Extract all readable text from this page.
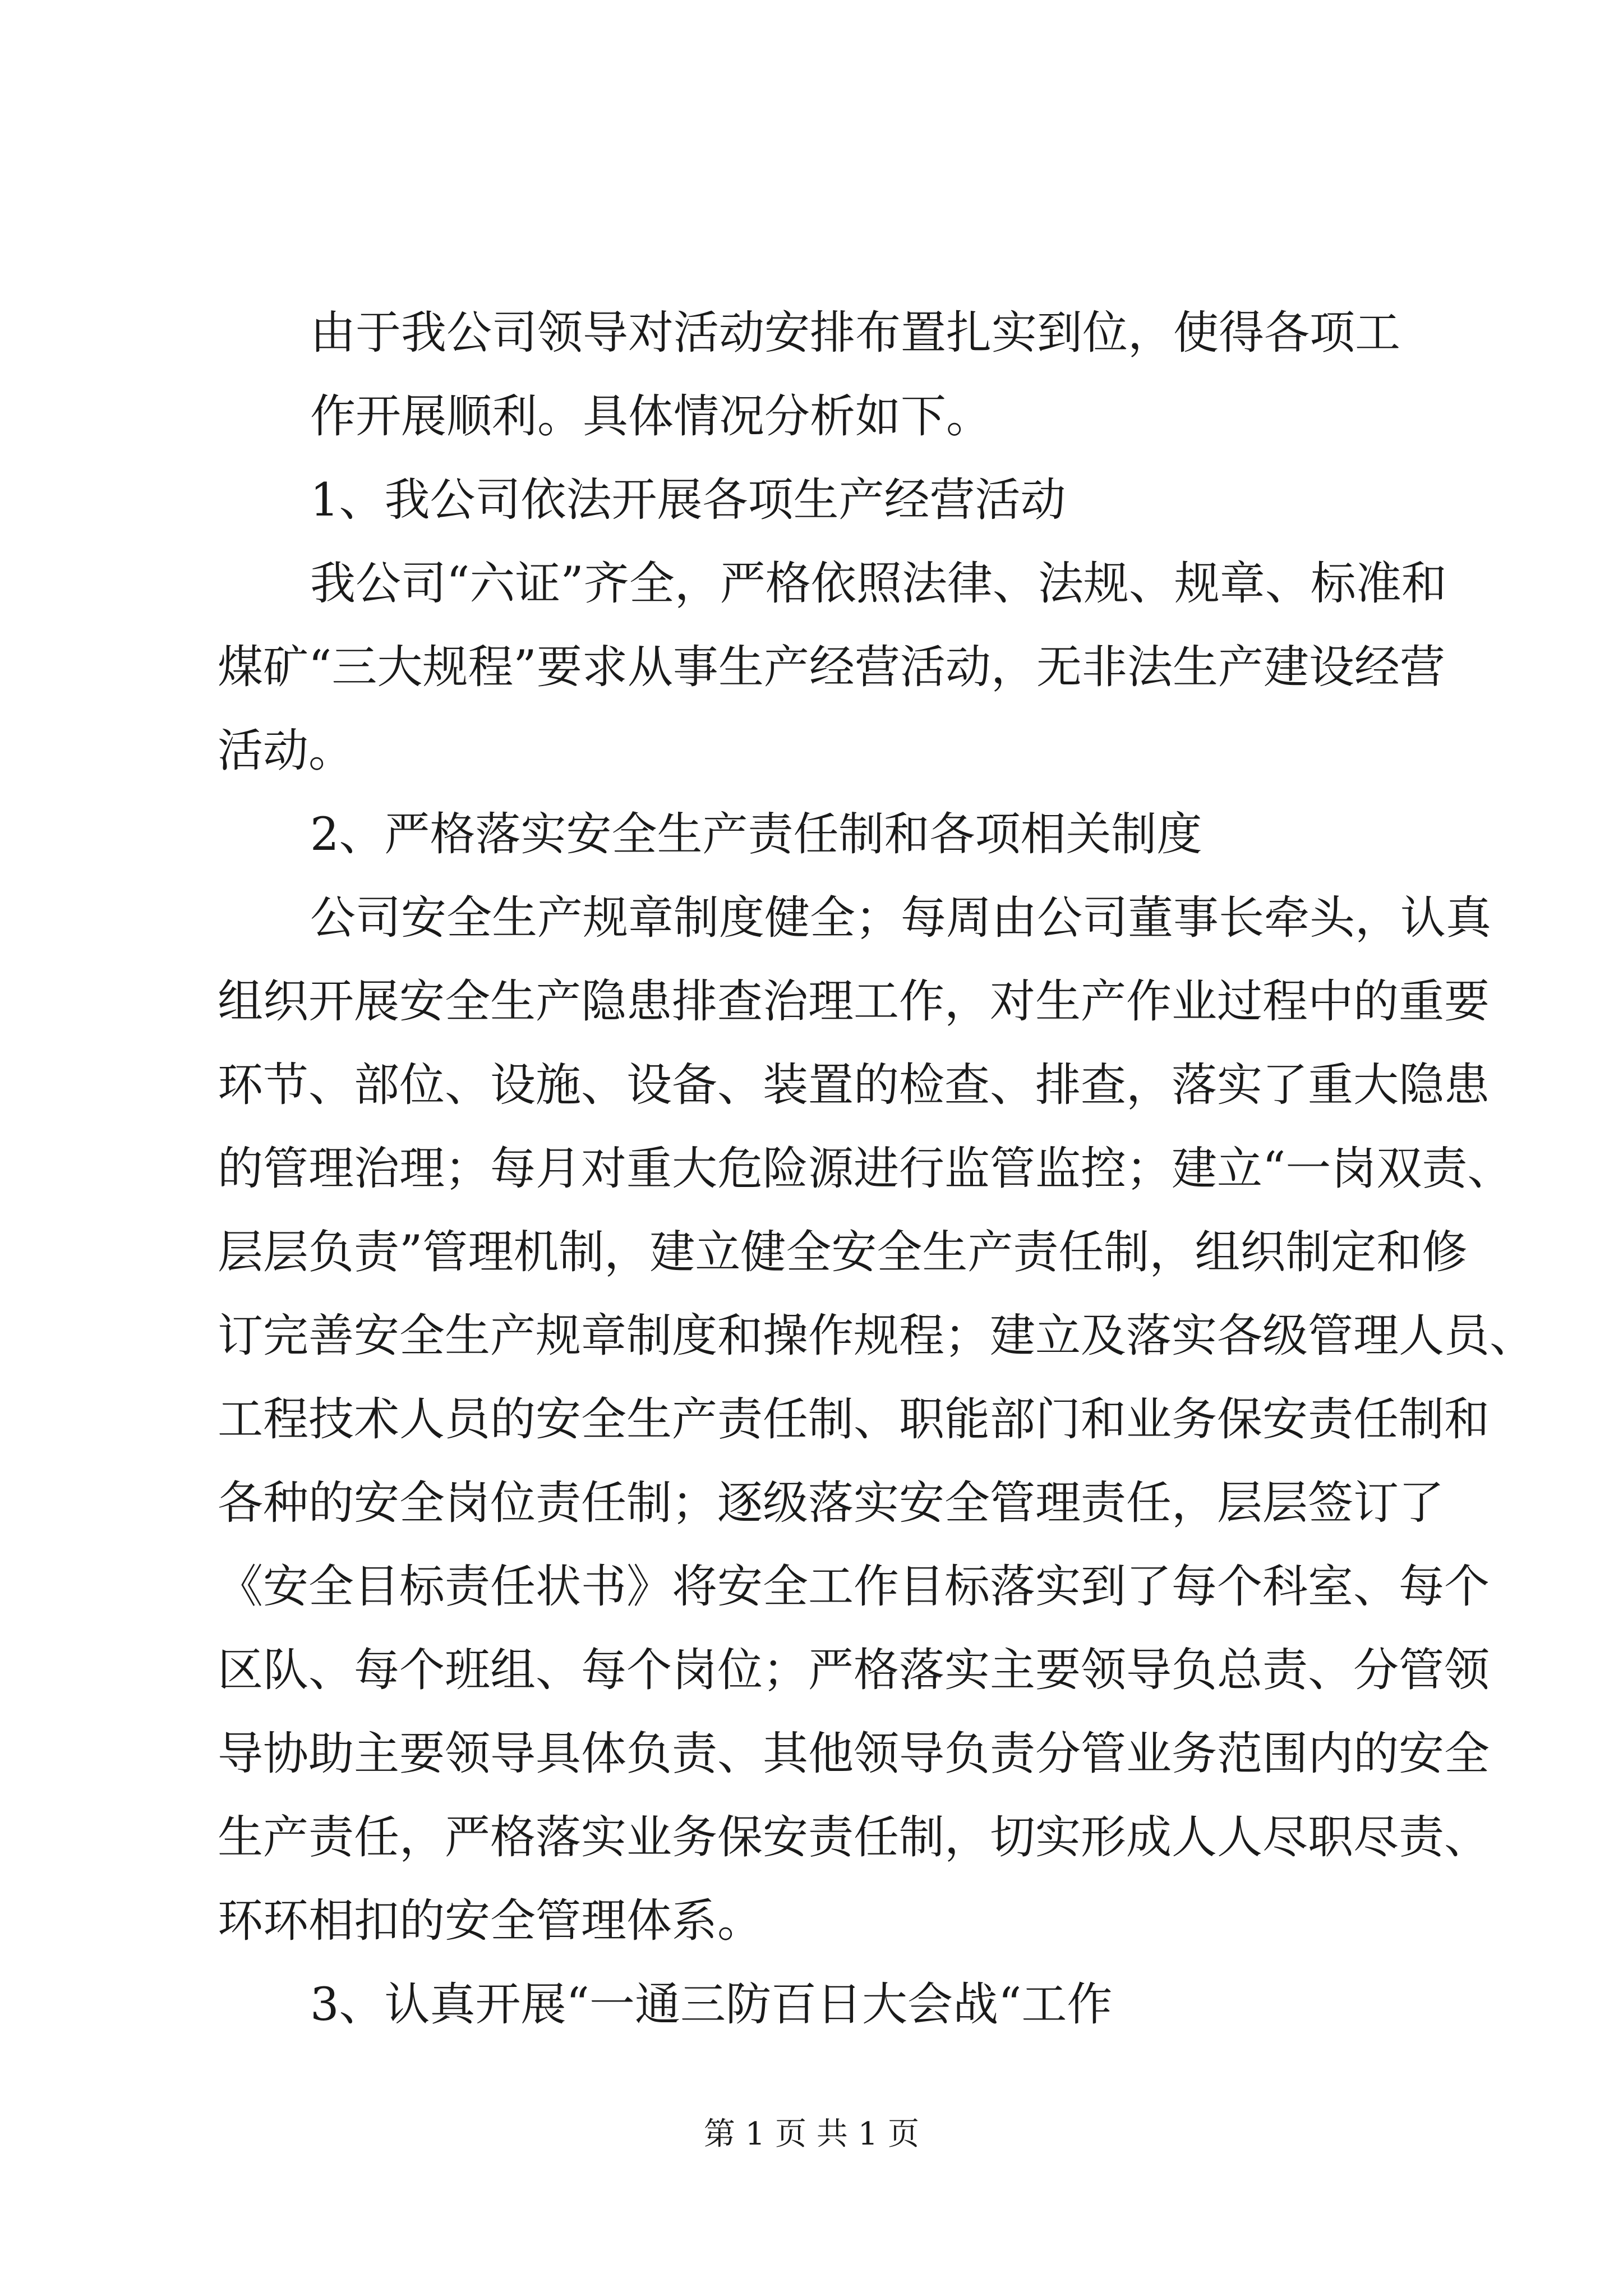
由于我公司领导对活动安排布置扎实到位，使得各项工
作开展顺利。具体情况分析如下。
1、我公司依法开展各项生产经营活动
我公司“六证”齐全，严格依照法律、法规、规章、标准和
煤矿“三大规程”要求从事生产经营活动，无非法生产建设经营
活动。
2、严格落实安全生产责任制和各项相关制度
公司安全生产规章制度健全；每周由公司董事长牵头，认真
组织开展安全生产隐患排查治理工作，对生产作业过程中的重要
环节、部位、设施、设备、装置的检查、排查，落实了重大隐患
的管理治理；每月对重大危险源进行监管监控；建立“一岗双责、
层层负责”管理机制，建立健全安全生产责任制，组织制定和修
订完善安全生产规章制度和操作规程；建立及落实各级管理人员、
工程技术人员的安全生产责任制、职能部门和业务保安责任制和
各种的安全岗位责任制；逐级落实安全管理责任，层层签订了
《安全目标责任状书》将安全工作目标落实到了每个科室、每个
区队、每个班组、每个岗位；严格落实主要领导负总责、分管领
导协助主要领导具体负责、其他领导负责分管业务范围内的安全
生产责任，严格落实业务保安责任制，切实形成人人尽职尽责、
环环相扣的安全管理体系。
3、认真开展“一通三防百日大会战“工作
第 1 页 共 1 页
